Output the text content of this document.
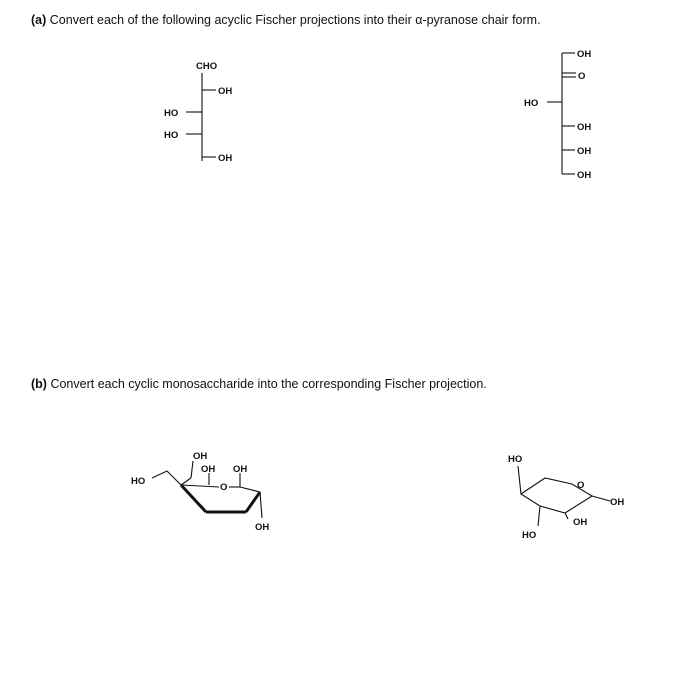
(a) Convert each of the following acyclic Fischer projections into their α-pyranose chair form.
(b) Convert each cyclic monosaccharide into the corresponding Fischer projection.
CHO
OH
HO
HO
OH
OH
O
HO
OH
OH
OH
HO
OH
O
OH OH
OH
HO
O
OH
OH
HO
